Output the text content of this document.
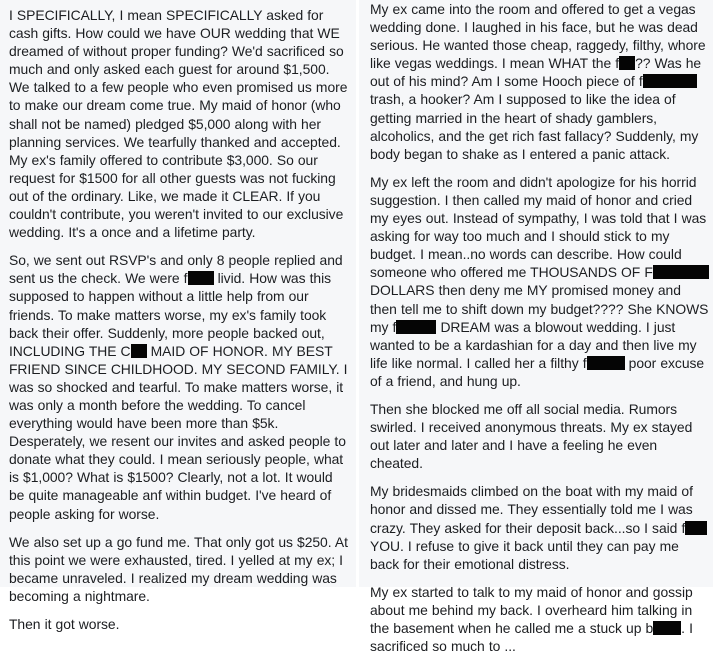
I SPECIFICALLY, I mean SPECIFICALLY asked for cash gifts. How could we have OUR wedding that WE dreamed of without proper funding? We'd sacrificed so much and only asked each guest for around $1,500. We talked to a few people who even promised us more to make our dream come true. My maid of honor (who shall not be named) pledged $5,000 along with her planning services. We tearfully thanked and accepted. My ex's family offered to contribute $3,000. So our request for $1500 for all other guests was not fucking out of the ordinary. Like, we made it CLEAR. If you couldn't contribute, you weren't invited to our exclusive wedding. It's a once and a lifetime party.

So, we sent out RSVP's and only 8 people replied and sent us the check. We were f livid. How was this supposed to happen without a little help from our friends. To make matters worse, my ex's family took back their offer. Suddenly, more people backed out, INCLUDING THE C MAID OF HONOR. MY BEST FRIEND SINCE CHILDHOOD. MY SECOND FAMILY. I was so shocked and tearful. To make matters worse, it was only a month before the wedding. To cancel everything would have been more than $5k. Desperately, we resent our invites and asked people to donate what they could. I mean seriously people, what is $1,000? What is $1500? Clearly, not a lot. It would be quite manageable anf within budget. I've heard of people asking for worse.

We also set up a go fund me. That only got us $250. At this point we were exhausted, tired. I yelled at my ex; I became unraveled. I realized my dream wedding was becoming a nightmare.

Then it got worse.

My ex came into the room and offered to get a vegas wedding done. I laughed in his face, but he was dead serious. He wanted those cheap, raggedy, filthy, whore like vegas weddings. I mean WHAT the f ?? Was he out of his mind? Am I some Hooch piece of f trash, a hooker? Am I supposed to like the idea of getting married in the heart of shady gamblers, alcoholics, and the get rich fast fallacy? Suddenly, my body began to shake as I entered a panic attack.

My ex left the room and didn't apologize for his horrid suggestion. I then called my maid of honor and cried my eyes out. Instead of sympathy, I was told that I was asking for way too much and I should stick to my budget. I mean..no words can describe. How could someone who offered me THOUSANDS OF F DOLLARS then deny me MY promised money and then tell me to shift down my budget???? She KNOWS my f	DREAM was a blowout wedding. I just wanted to be a kardashian for a day and then live my life like normal. I called her a filthy f	poor excuse of a friend, and hung up.

Then she blocked me off all social media. Rumors swirled. I received anonymous threats. My ex stayed out later and later and I have a feeling he even cheated.

My bridesmaids climbed on the boat with my maid of honor and dissed me. They essentially told me I was crazy. They asked for their deposit back...so I said f YOU. I refuse to give it back until they can pay me back for their emotional distress.

My ex started to talk to my maid of honor and gossip about me behind my back. I overheard him talking in the basement when he called me a stuck up b . I sacrificed so much to ...
